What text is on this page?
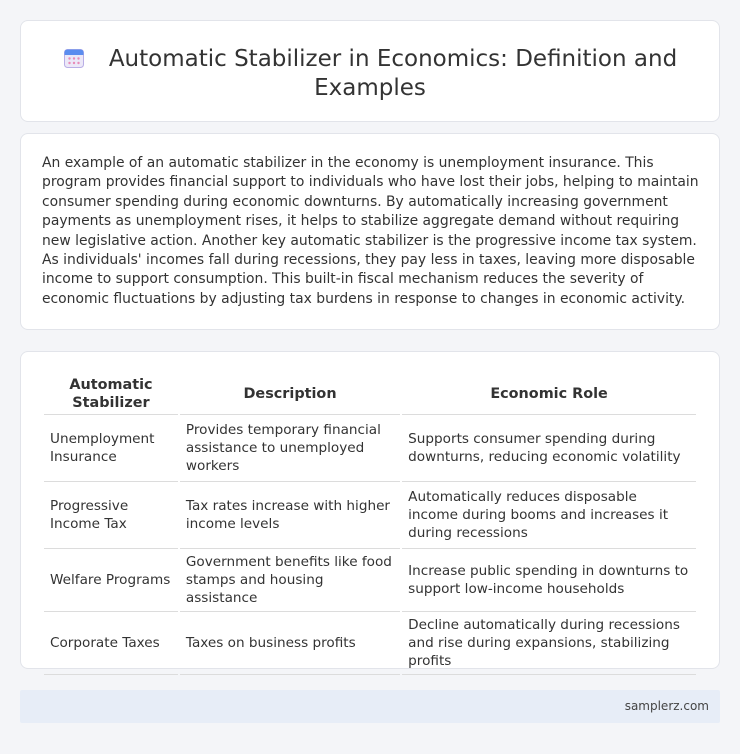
Automatic Stabilizer in Economics: Definition and Examples

An example of an automatic stabilizer in the economy is unemployment insurance. This program provides financial support to individuals who have lost their jobs, helping to maintain consumer spending during economic downturns. By automatically increasing government payments as unemployment rises, it helps to stabilize aggregate demand without requiring new legislative action. Another key automatic stabilizer is the progressive income tax system. As individuals' incomes fall during recessions, they pay less in taxes, leaving more disposable income to support consumption. This built-in fiscal mechanism reduces the severity of economic fluctuations by adjusting tax burdens in response to changes in economic activity.

Automatic Stabilizer	Description	Economic Role
Unemployment Insurance	Provides temporary financial assistance to unemployed workers	Supports consumer spending during downturns, reducing economic volatility
Progressive Income Tax	Tax rates increase with higher income levels	Automatically reduces disposable income during booms and increases it during recessions
Welfare Programs	Government benefits like food stamps and housing assistance	Increase public spending in downturns to support low-income households
Corporate Taxes	Taxes on business profits	Decline automatically during recessions and rise during expansions, stabilizing profits
samplerz.com
